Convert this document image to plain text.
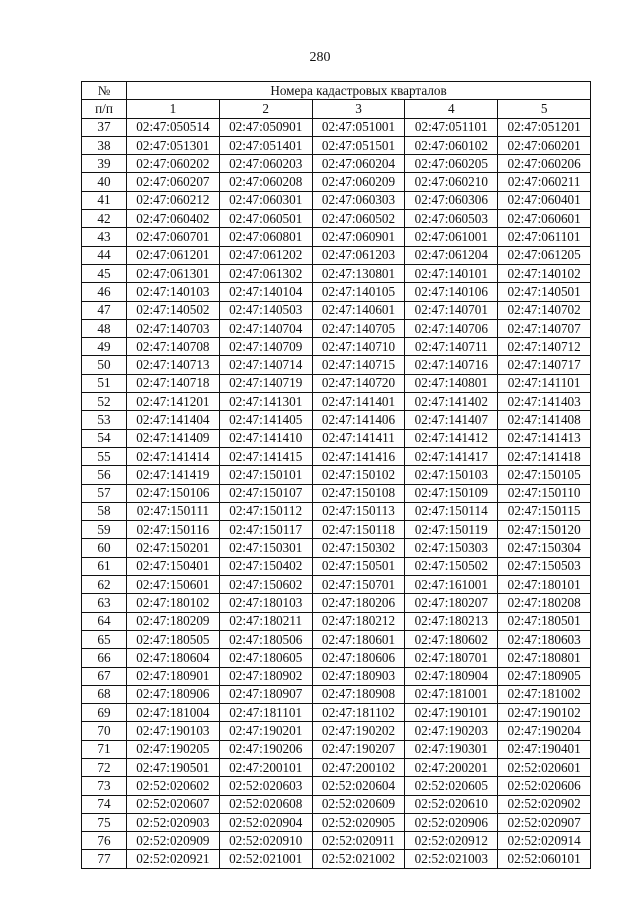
280
№	Номера кадастровых кварталов				
п/п	1	2	3	4	5
37	02:47:050514	02:47:050901	02:47:051001	02:47:051101	02:47:051201
38	02:47:051301	02:47:051401	02:47:051501	02:47:060102	02:47:060201
39	02:47:060202	02:47:060203	02:47:060204	02:47:060205	02:47:060206
40	02:47:060207	02:47:060208	02:47:060209	02:47:060210	02:47:060211
41	02:47:060212	02:47:060301	02:47:060303	02:47:060306	02:47:060401
42	02:47:060402	02:47:060501	02:47:060502	02:47:060503	02:47:060601
43	02:47:060701	02:47:060801	02:47:060901	02:47:061001	02:47:061101
44	02:47:061201	02:47:061202	02:47:061203	02:47:061204	02:47:061205
45	02:47:061301	02:47:061302	02:47:130801	02:47:140101	02:47:140102
46	02:47:140103	02:47:140104	02:47:140105	02:47:140106	02:47:140501
47	02:47:140502	02:47:140503	02:47:140601	02:47:140701	02:47:140702
48	02:47:140703	02:47:140704	02:47:140705	02:47:140706	02:47:140707
49	02:47:140708	02:47:140709	02:47:140710	02:47:140711	02:47:140712
50	02:47:140713	02:47:140714	02:47:140715	02:47:140716	02:47:140717
51	02:47:140718	02:47:140719	02:47:140720	02:47:140801	02:47:141101
52	02:47:141201	02:47:141301	02:47:141401	02:47:141402	02:47:141403
53	02:47:141404	02:47:141405	02:47:141406	02:47:141407	02:47:141408
54	02:47:141409	02:47:141410	02:47:141411	02:47:141412	02:47:141413
55	02:47:141414	02:47:141415	02:47:141416	02:47:141417	02:47:141418
56	02:47:141419	02:47:150101	02:47:150102	02:47:150103	02:47:150105
57	02:47:150106	02:47:150107	02:47:150108	02:47:150109	02:47:150110
58	02:47:150111	02:47:150112	02:47:150113	02:47:150114	02:47:150115
59	02:47:150116	02:47:150117	02:47:150118	02:47:150119	02:47:150120
60	02:47:150201	02:47:150301	02:47:150302	02:47:150303	02:47:150304
61	02:47:150401	02:47:150402	02:47:150501	02:47:150502	02:47:150503
62	02:47:150601	02:47:150602	02:47:150701	02:47:161001	02:47:180101
63	02:47:180102	02:47:180103	02:47:180206	02:47:180207	02:47:180208
64	02:47:180209	02:47:180211	02:47:180212	02:47:180213	02:47:180501
65	02:47:180505	02:47:180506	02:47:180601	02:47:180602	02:47:180603
66	02:47:180604	02:47:180605	02:47:180606	02:47:180701	02:47:180801
67	02:47:180901	02:47:180902	02:47:180903	02:47:180904	02:47:180905
68	02:47:180906	02:47:180907	02:47:180908	02:47:181001	02:47:181002
69	02:47:181004	02:47:181101	02:47:181102	02:47:190101	02:47:190102
70	02:47:190103	02:47:190201	02:47:190202	02:47:190203	02:47:190204
71	02:47:190205	02:47:190206	02:47:190207	02:47:190301	02:47:190401
72	02:47:190501	02:47:200101	02:47:200102	02:47:200201	02:52:020601
73	02:52:020602	02:52:020603	02:52:020604	02:52:020605	02:52:020606
74	02:52:020607	02:52:020608	02:52:020609	02:52:020610	02:52:020902
75	02:52:020903	02:52:020904	02:52:020905	02:52:020906	02:52:020907
76	02:52:020909	02:52:020910	02:52:020911	02:52:020912	02:52:020914
77	02:52:020921	02:52:021001	02:52:021002	02:52:021003	02:52:060101
